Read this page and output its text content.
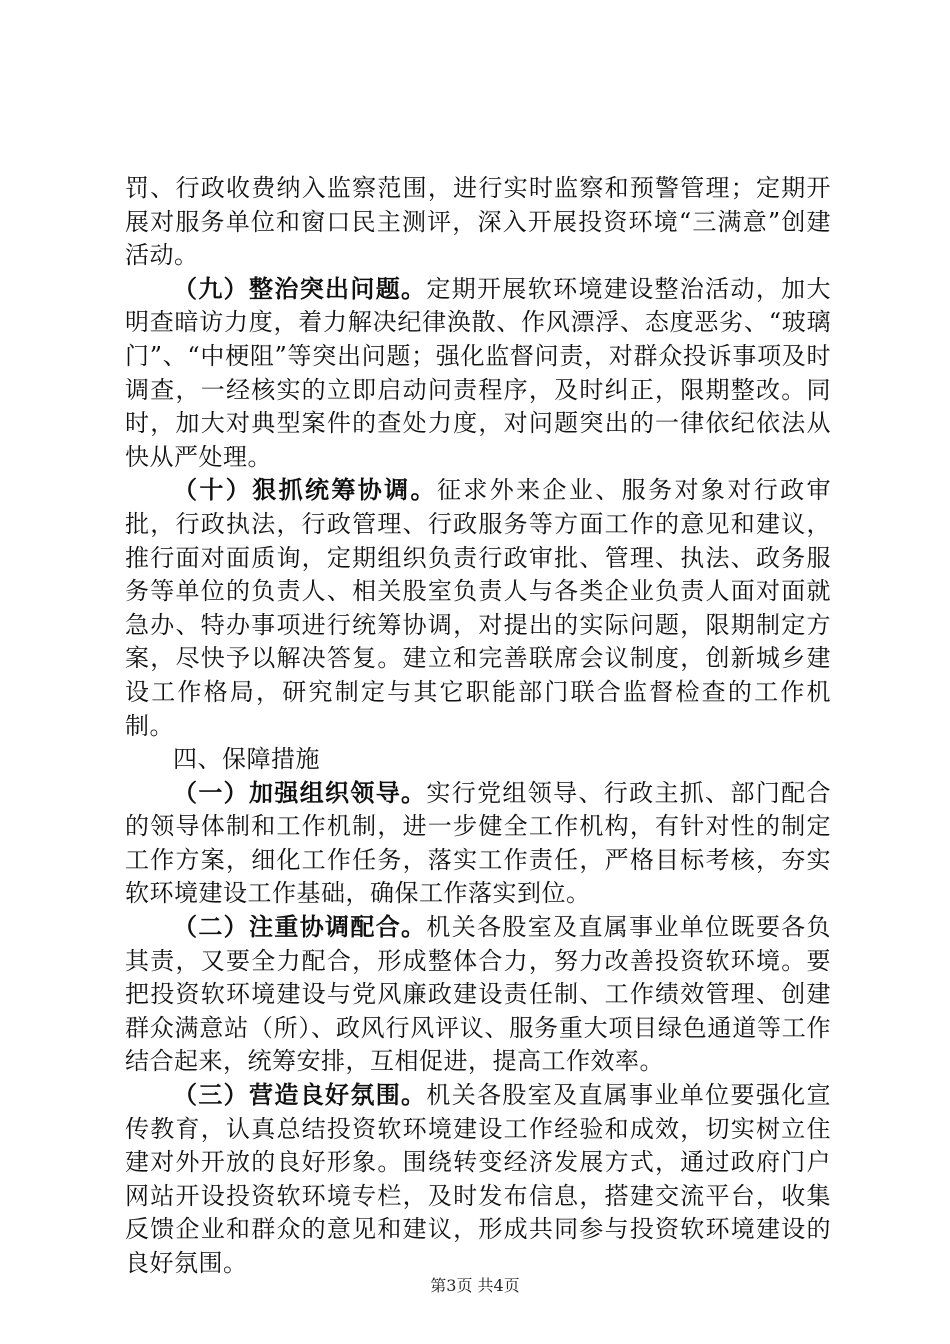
罚、行政收费纳入监察范围，进行实时监察和预警管理；定期开展对服务单位和窗口民主测评，深入开展投资环境“三满意”创建活动。

（九）整治突出问题。定期开展软环境建设整治活动，加大明查暗访力度，着力解决纪律涣散、作风漂浮、态度恶劣、“玻璃门”、“中梗阻”等突出问题；强化监督问责，对群众投诉事项及时调查，一经核实的立即启动问责程序，及时纠正，限期整改。同时，加大对典型案件的查处力度，对问题突出的一律依纪依法从快从严处理。

（十）狠抓统筹协调。征求外来企业、服务对象对行政审批，行政执法，行政管理、行政服务等方面工作的意见和建议，推行面对面质询，定期组织负责行政审批、管理、执法、政务服务等单位的负责人、相关股室负责人与各类企业负责人面对面就急办、特办事项进行统筹协调，对提出的实际问题，限期制定方案，尽快予以解决答复。建立和完善联席会议制度，创新城乡建设工作格局，研究制定与其它职能部门联合监督检查的工作机制。

四、保障措施

（一）加强组织领导。实行党组领导、行政主抓、部门配合的领导体制和工作机制，进一步健全工作机构，有针对性的制定工作方案，细化工作任务，落实工作责任，严格目标考核，夯实软环境建设工作基础，确保工作落实到位。

（二）注重协调配合。机关各股室及直属事业单位既要各负其责，又要全力配合，形成整体合力，努力改善投资软环境。要把投资软环境建设与党风廉政建设责任制、工作绩效管理、创建群众满意站（所）、政风行风评议、服务重大项目绿色通道等工作结合起来，统筹安排，互相促进，提高工作效率。

（三）营造良好氛围。机关各股室及直属事业单位要强化宣传教育，认真总结投资软环境建设工作经验和成效，切实树立住建对外开放的良好形象。围绕转变经济发展方式，通过政府门户网站开设投资软环境专栏，及时发布信息，搭建交流平台，收集反馈企业和群众的意见和建议，形成共同参与投资软环境建设的良好氛围。

第3页 共4页
